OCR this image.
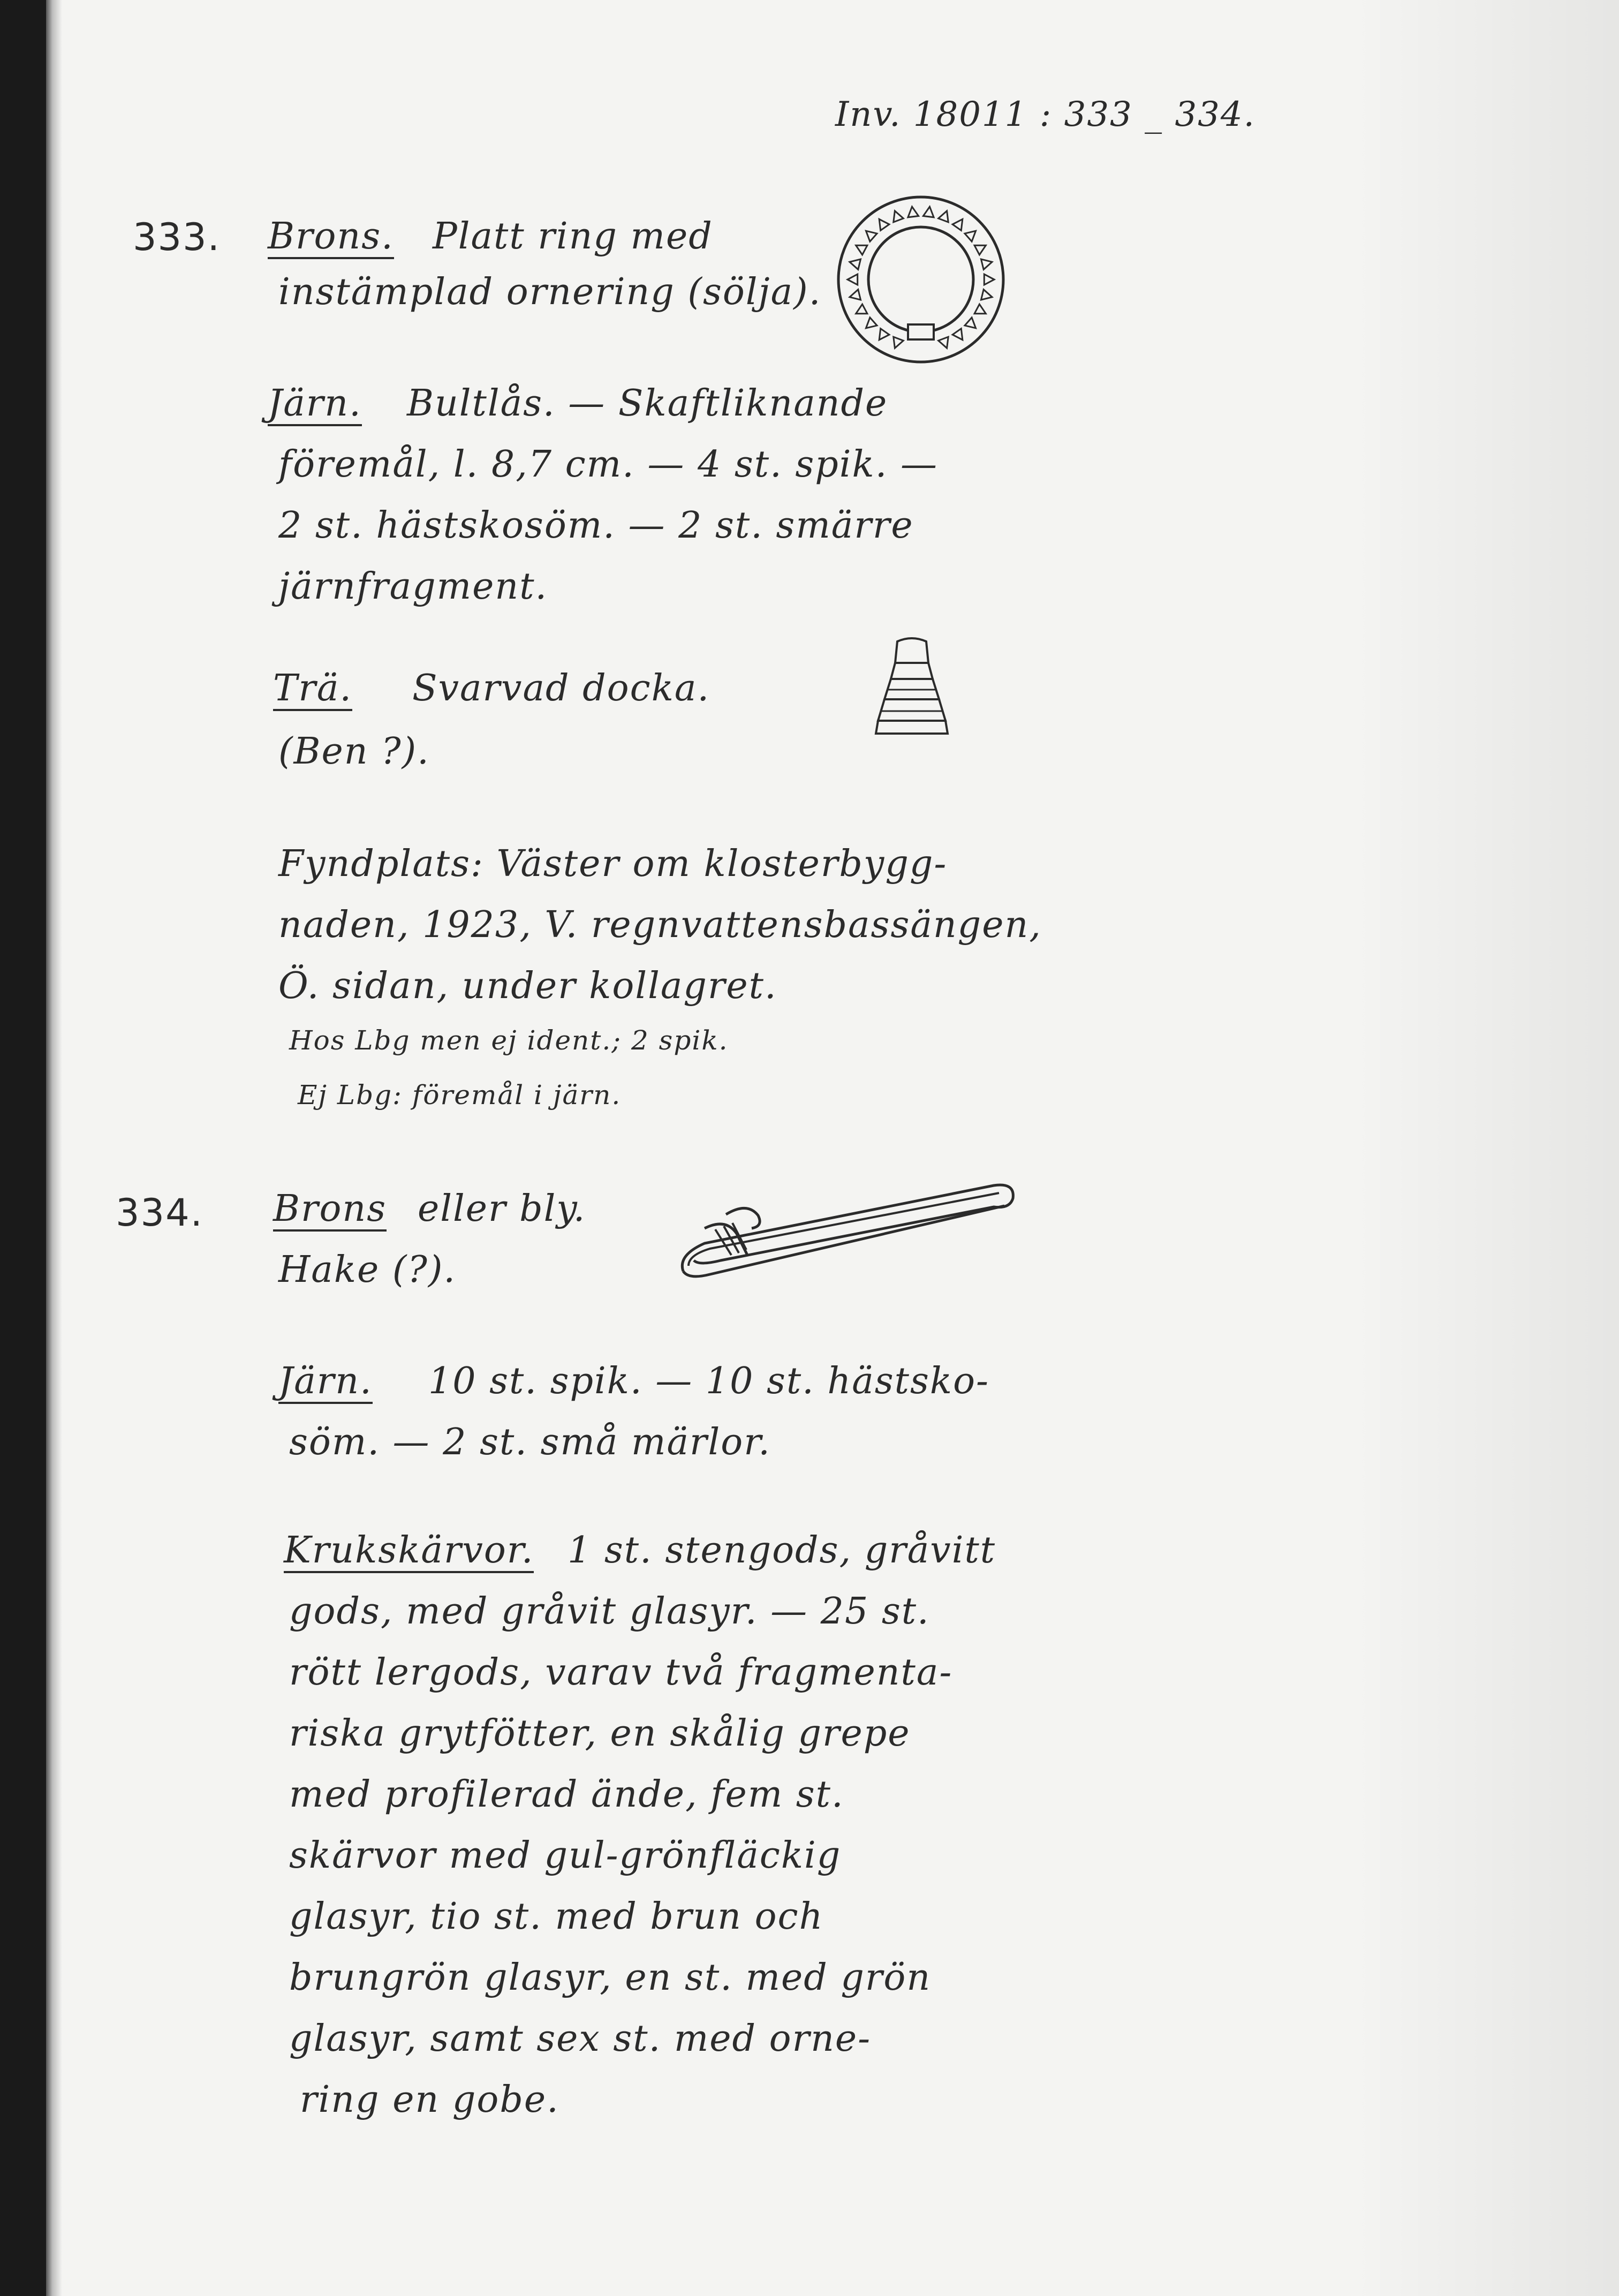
Inv. 18011 : 333 _ 334.
333. Brons. Platt ring med
instämplad ornering (sölja).
Järn. Bultlås. — Skaftliknande
föremål, l. 8,7 cm. — 4 st. spik. —
2 st. hästskosöm. — 2 st. smärre
järnfragment.
Trä. Svarvad docka.
(Ben ?).
Fyndplats: Väster om klosterbygg-
naden, 1923, V. regnvattensbassängen,
Ö. sidan, under kollagret.
Hos Lbg men ej ident.; 2 spik.
Ej Lbg: föremål i järn.
334. Brons eller bly.
Hake (?).
Järn. 10 st. spik. — 10 st. hästsko-
söm. — 2 st. små märlor.
Krukskärvor. 1 st. stengods, gråvitt
gods, med gråvit glasyr. — 25 st.
rött lergods, varav två fragmenta-
riska grytfötter, en skålig grepe
med profilerad ände, fem st.
skärvor med gul-grönfläckig
glasyr, tio st. med brun och
brungrön glasyr, en st. med grön
glasyr, samt sex st. med orne-
ring en gobe.
